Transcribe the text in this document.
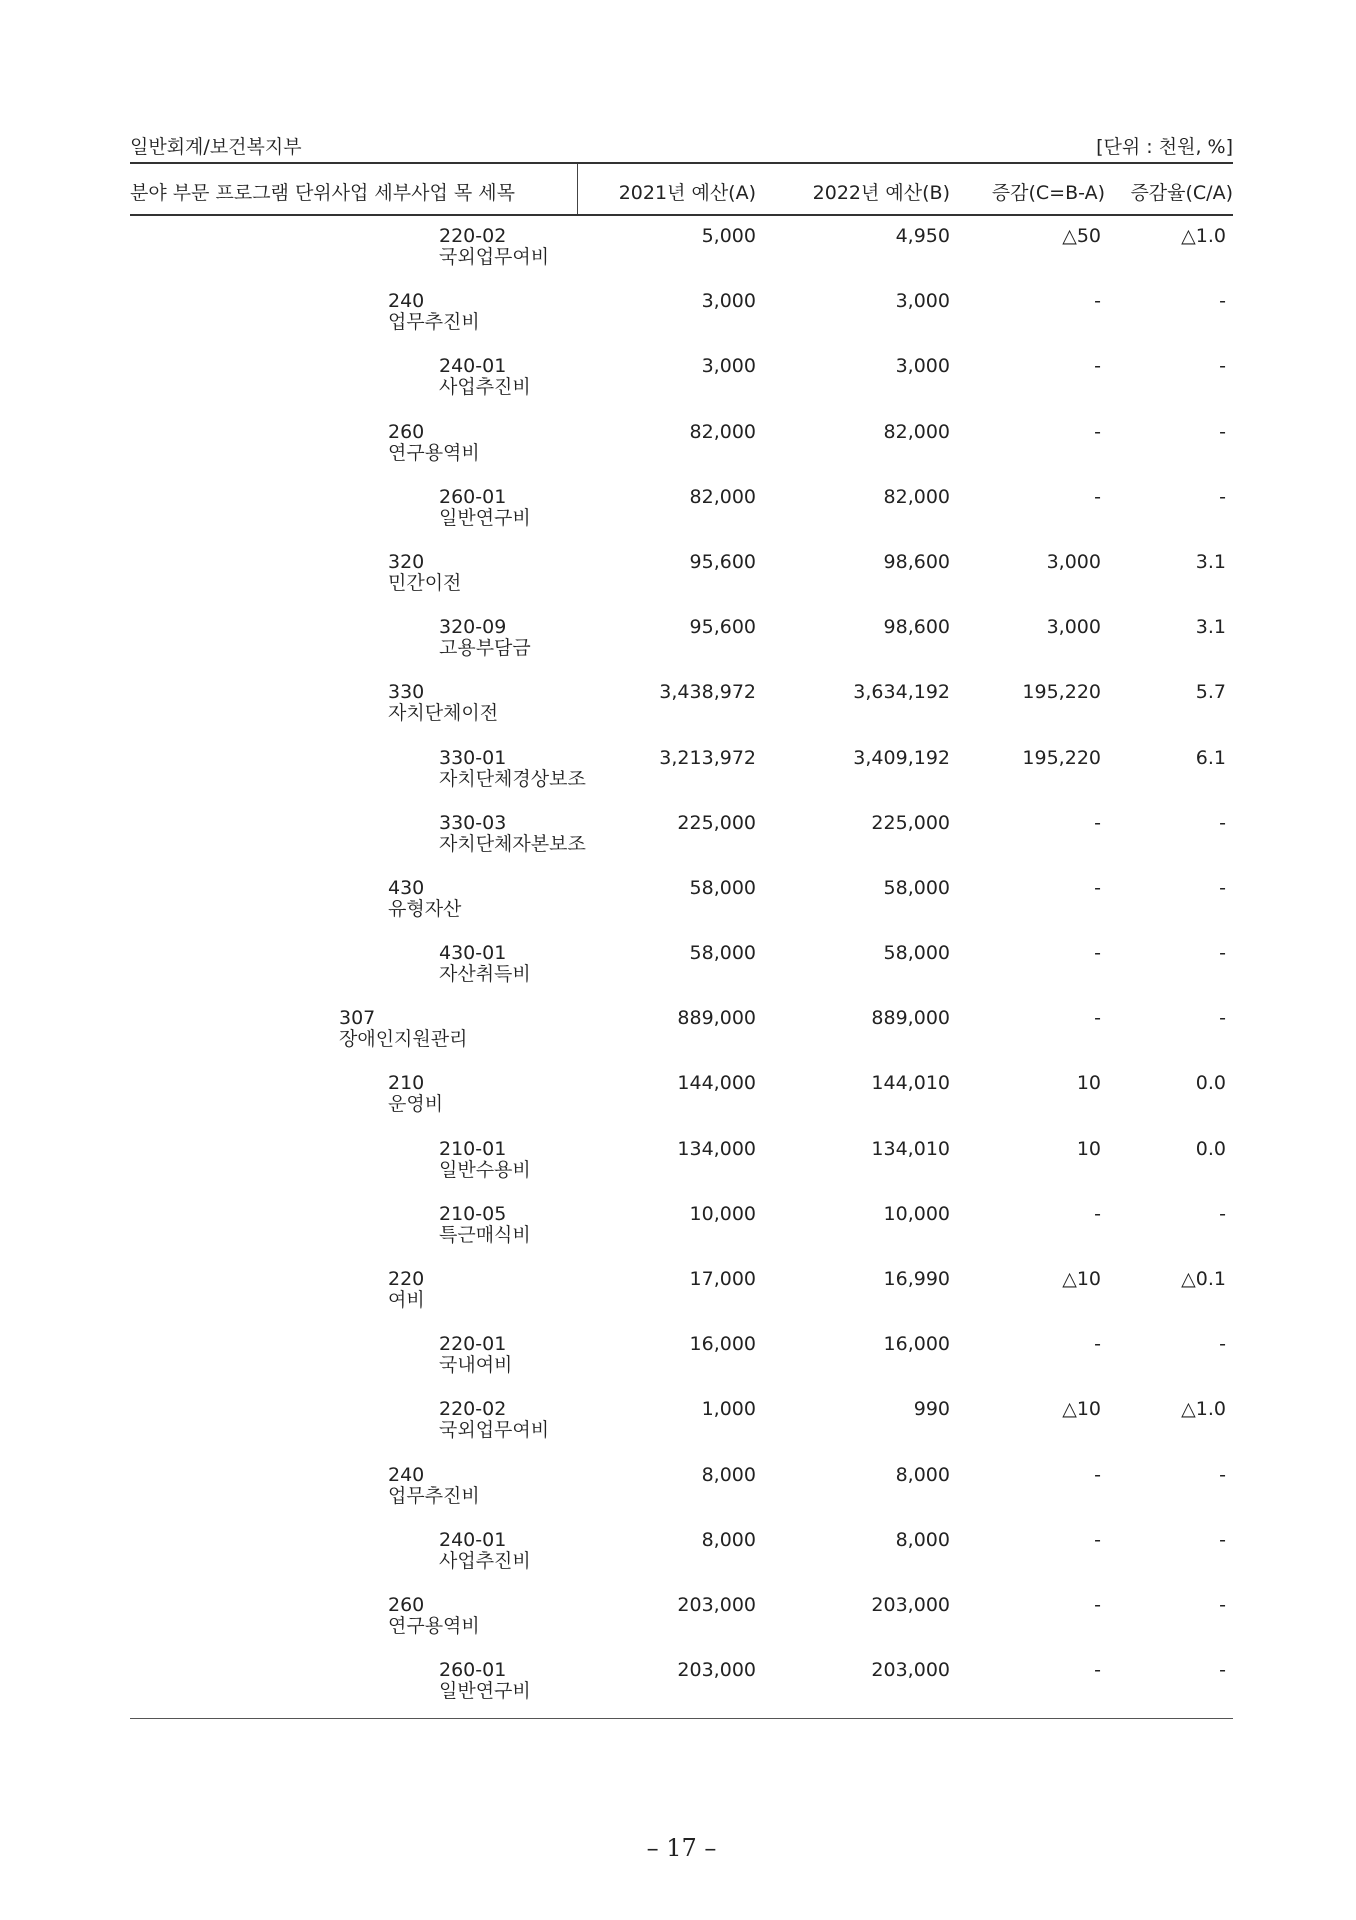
일반회계/보건복지부	[단위 : 천원, %]
분야 부문 프로그램 단위사업 세부사업 목 세목	2021년 예산(A)	2022년 예산(B) 증감(C=B-A) 증감율(C/A)
220-02
국외업무여비
5,000	4,950	△50	△1.0
240
업무추진비
3,000	3,000	-	-
240-01
사업추진비
3,000	3,000	-	-
260
연구용역비
82,000	82,000	-	-
260-01
일반연구비
82,000	82,000	-	-
320
민간이전
95,600	98,600	3,000	3.1
320-09
고용부담금
95,600	98,600	3,000	3.1
330
자치단체이전
3,438,972	3,634,192	195,220	5.7
330-01
자치단체경상보조
3,213,972	3,409,192	195,220	6.1
330-03
자치단체자본보조
225,000	225,000	-	-
430
유형자산
58,000	58,000	-	-
430-01
자산취득비
58,000	58,000	-	-
307
장애인지원관리
889,000	889,000	-	-
210
운영비
144,000	144,010	10	0.0
210-01
일반수용비
134,000	134,010	10	0.0
210-05
특근매식비
10,000	10,000	-	-
220
여비
17,000	16,990	△10	△0.1
220-01
국내여비
16,000	16,000	-	-
220-02
국외업무여비
1,000	990	△10	△1.0
240
업무추진비
8,000	8,000	-	-
240-01
사업추진비
8,000	8,000	-	-
260
연구용역비
203,000	203,000	-	-
260-01
일반연구비
203,000	203,000	-	-
– 17 –
